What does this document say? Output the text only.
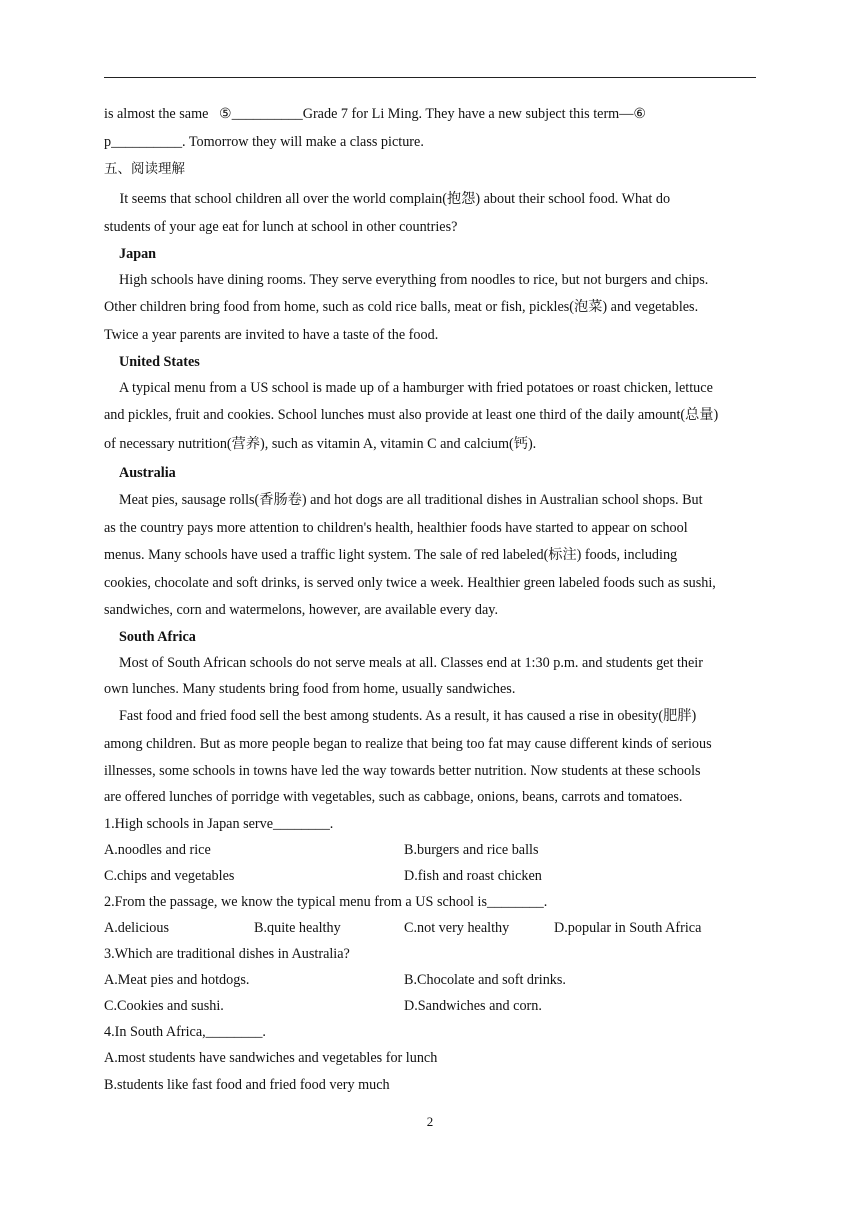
is almost the same   ⑤__________Grade 7 for Li Ming. They have a new subject this term—⑥
p__________. Tomorrow they will make a class picture.
五、阅读理解
It seems that school children all over the world complain(抱怨) about their school food. What do
students of your age eat for lunch at school in other countries?
Japan
High schools have dining rooms. They serve everything from noodles to rice, but not burgers and chips.
Other children bring food from home, such as cold rice balls, meat or fish, pickles(泡菜) and vegetables.
Twice a year parents are invited to have a taste of the food.
United States
A typical menu from a US school is made up of a hamburger with fried potatoes or roast chicken, lettuce
and pickles, fruit and cookies. School lunches must also provide at least one third of the daily amount(总量)
of necessary nutrition(营养), such as vitamin A, vitamin C and calcium(钙).
Australia
Meat pies, sausage rolls(香肠卷) and hot dogs are all traditional dishes in Australian school shops. But
as the country pays more attention to children's health, healthier foods have started to appear on school
menus. Many schools have used a traffic light system. The sale of red labeled(标注) foods, including
cookies, chocolate and soft drinks, is served only twice a week. Healthier green labeled foods such as sushi,
sandwiches, corn and watermelons, however, are available every day.
South Africa
Most of South African schools do not serve meals at all. Classes end at 1:30 p.m. and students get their
own lunches. Many students bring food from home, usually sandwiches.
Fast food and fried food sell the best among students. As a result, it has caused a rise in obesity(肥胖)
among children. But as more people began to realize that being too fat may cause different kinds of serious
illnesses, some schools in towns have led the way towards better nutrition. Now students at these schools
are offered lunches of porridge with vegetables, such as cabbage, onions, beans, carrots and tomatoes.
1.High schools in Japan serve________.
A.noodles and rice	B.burgers and rice balls
C.chips and vegetables	D.fish and roast chicken
2.From the passage, we know the typical menu from a US school is________.
A.delicious	B.quite healthy	C.not very healthy	D.popular in South Africa
3.Which are traditional dishes in Australia?
A.Meat pies and hotdogs.	B.Chocolate and soft drinks.
C.Cookies and sushi.	D.Sandwiches and corn.
4.In South Africa,________.
A.most students have sandwiches and vegetables for lunch
B.students like fast food and fried food very much
2
